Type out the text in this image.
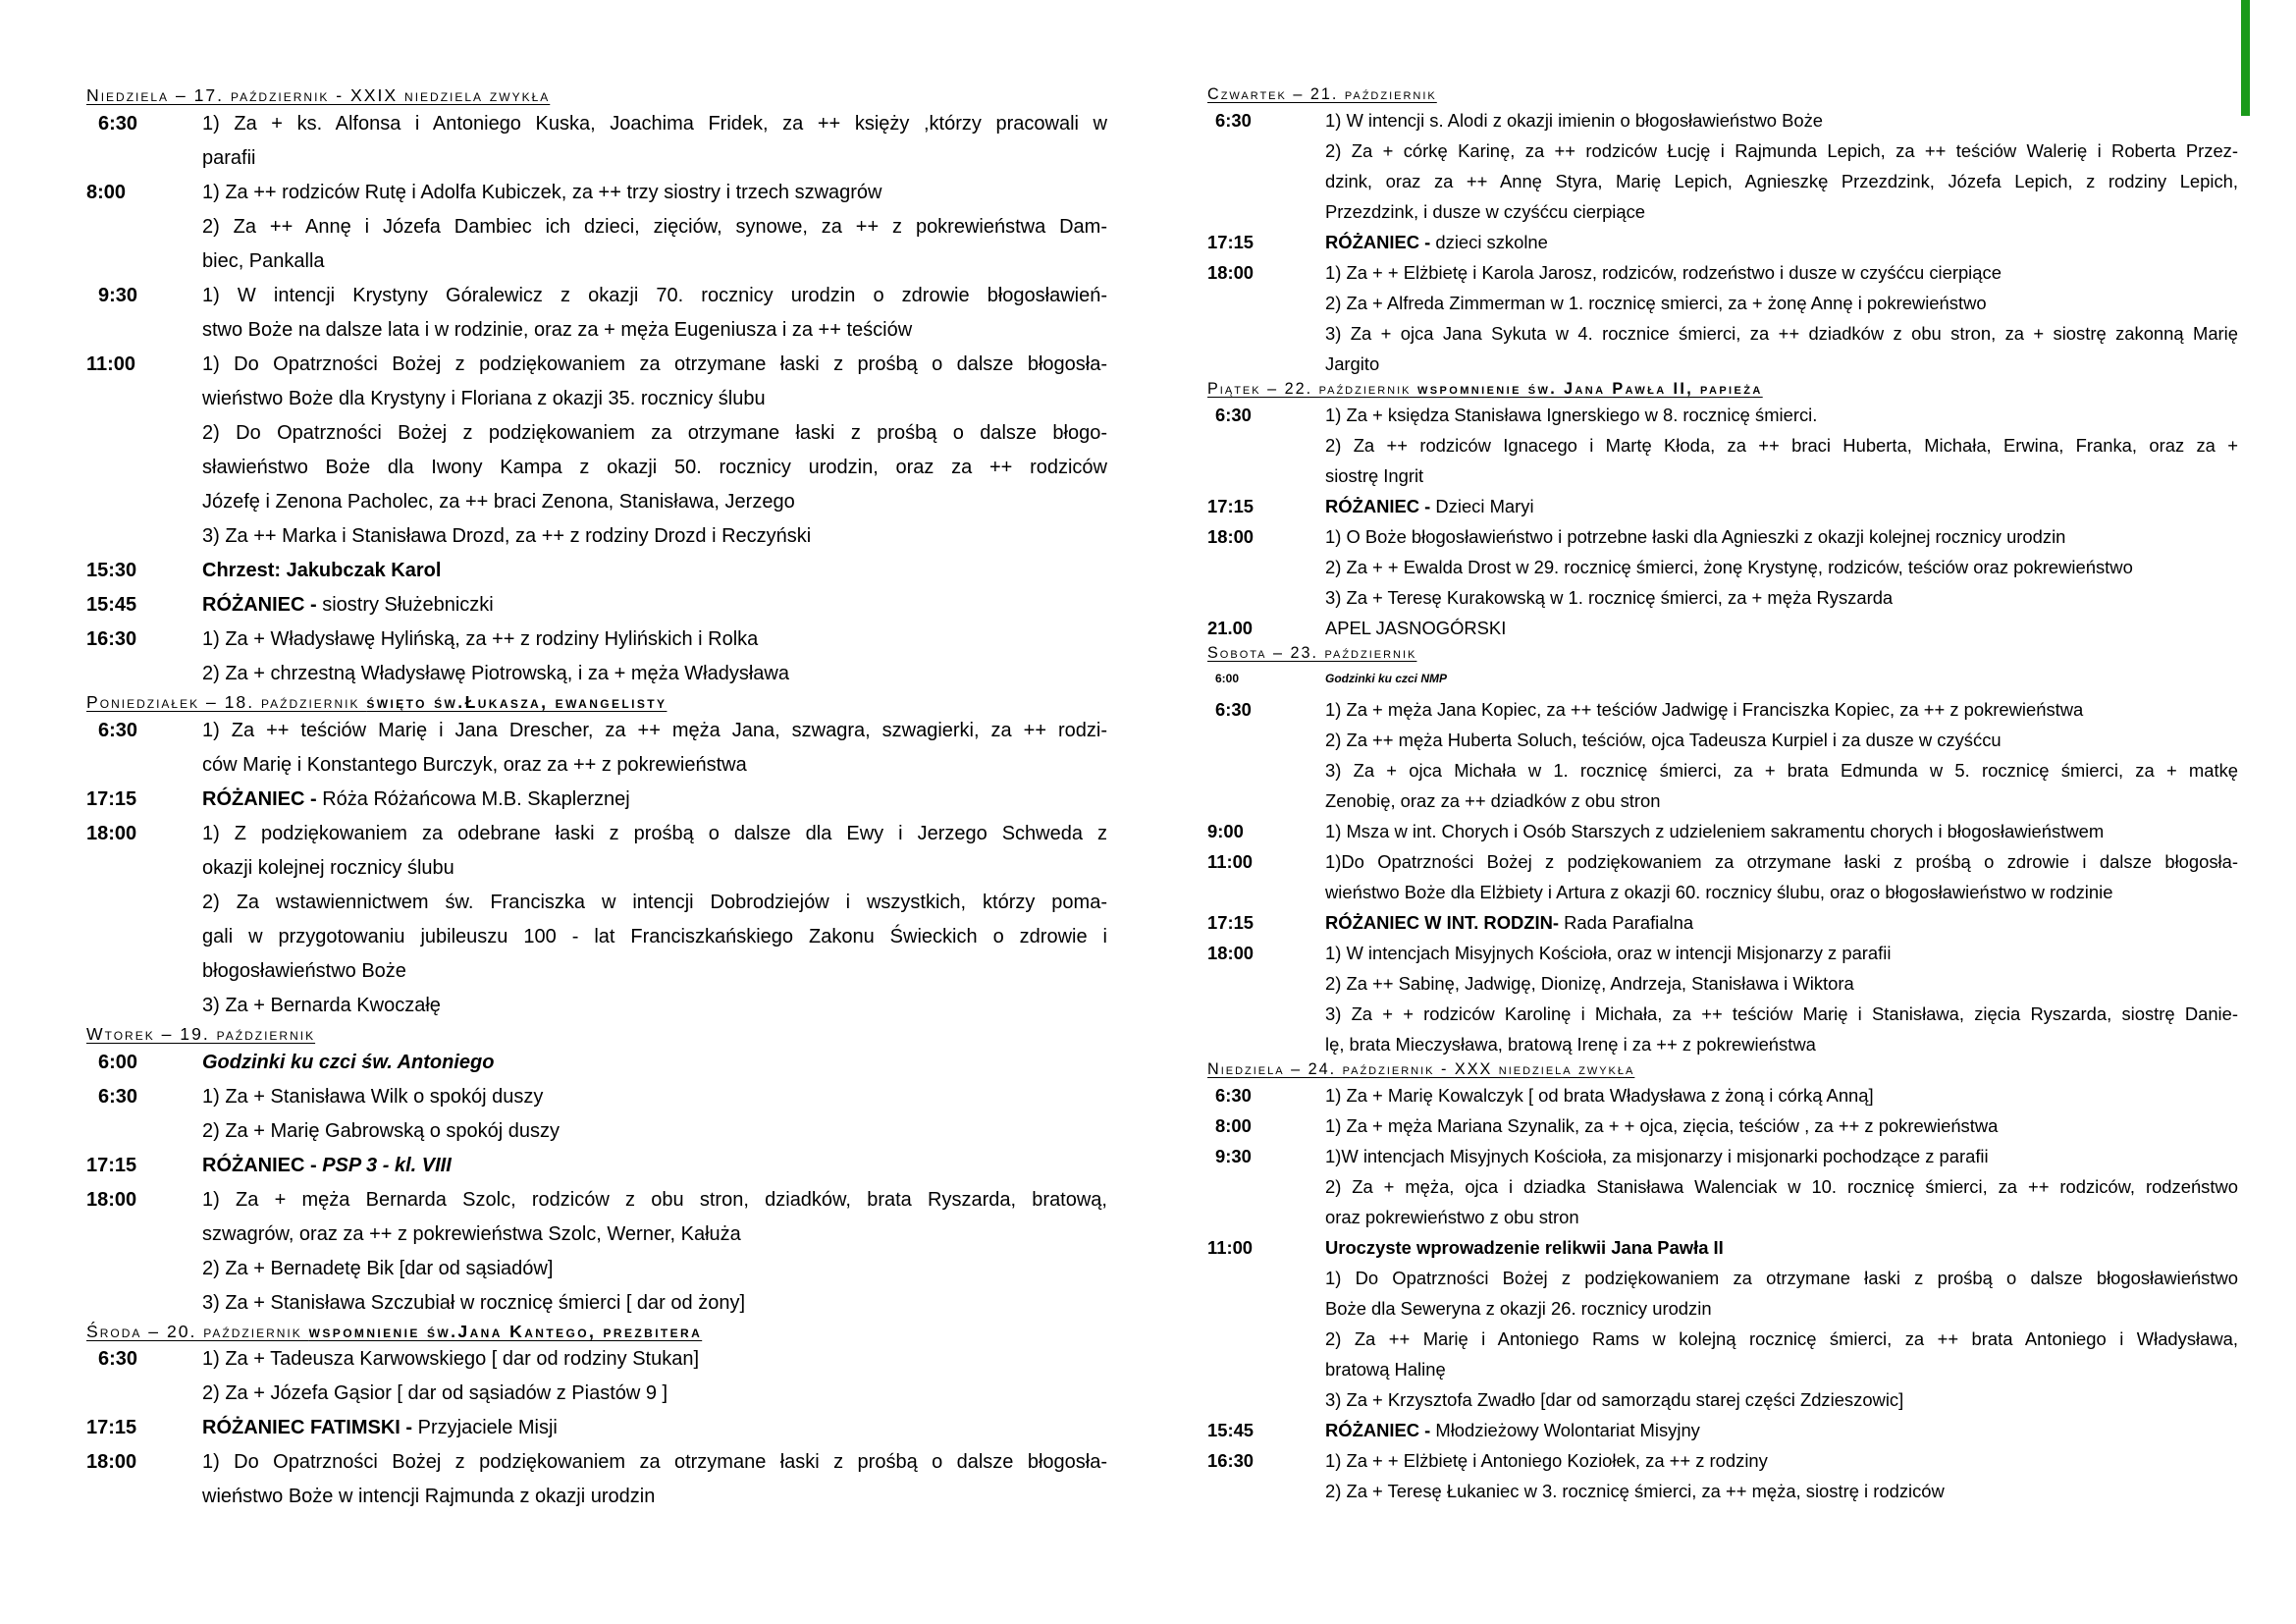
Niedziela – 17. październik - XXIX niedziela zwykła
6:30	1) Za + ks. Alfonsa i Antoniego Kuska, Joachima Fridek, za ++ księży ,którzy pracowali w
parafii
8:00	1) Za ++ rodziców Rutę i Adolfa Kubiczek, za ++ trzy siostry i trzech szwagrów
2) Za ++ Annę i Józefa Dambiec ich dzieci, zięciów, synowe, za ++ z pokrewieństwa Dam-
biec, Pankalla
9:30	1) W intencji Krystyny Góralewicz z okazji 70. rocznicy urodzin o zdrowie błogosławień-
stwo Boże na dalsze lata i w rodzinie, oraz za + męża Eugeniusza i za ++ teściów
11:00	1) Do Opatrzności Bożej z podziękowaniem za otrzymane łaski z prośbą o dalsze błogosła-
wieństwo Boże dla Krystyny i Floriana z okazji 35. rocznicy ślubu
2) Do Opatrzności Bożej z podziękowaniem za otrzymane łaski z prośbą o dalsze błogo-
sławieństwo Boże dla Iwony Kampa z okazji 50. rocznicy urodzin, oraz za ++ rodziców
Józefę i Zenona Pacholec, za ++ braci Zenona, Stanisława, Jerzego
3) Za ++ Marka i Stanisława Drozd, za ++ z rodziny Drozd i Reczyński
15:30	Chrzest: Jakubczak Karol
15:45	RÓŻANIEC - siostry Służebniczki
16:30	1) Za + Władysławę Hylińską, za ++ z rodziny Hylińskich i Rolka
2) Za + chrzestną Władysławę Piotrowską, i za + męża Władysława
Poniedziałek – 18. październik święto św.Łukasza, ewangelisty
6:30	1) Za ++ teściów Marię i Jana Drescher, za ++ męża Jana, szwagra, szwagierki, za ++ rodzi-
ców Marię i Konstantego Burczyk, oraz za ++ z pokrewieństwa
17:15	RÓŻANIEC - Róża Różańcowa M.B. Skaplerznej
18:00	1) Z podziękowaniem za odebrane łaski z prośbą o dalsze dla Ewy i Jerzego Schweda z
okazji kolejnej rocznicy ślubu
2) Za wstawiennictwem św. Franciszka w intencji Dobrodziejów i wszystkich, którzy poma-
gali w przygotowaniu jubileuszu 100 - lat Franciszkańskiego Zakonu Świeckich o zdrowie i
błogosławieństwo Boże
3) Za + Bernarda Kwoczałę
Wtorek – 19. październik
6:00	Godzinki ku czci św. Antoniego
6:30	1) Za + Stanisława Wilk o spokój duszy
2) Za + Marię Gabrowską o spokój duszy
17:15	RÓŻANIEC - PSP 3 - kl. VIII
18:00	1) Za + męża Bernarda Szolc, rodziców z obu stron, dziadków, brata Ryszarda, bratową,
szwagrów, oraz za ++ z pokrewieństwa Szolc, Werner, Kałuża
2) Za + Bernadetę Bik [dar od sąsiadów]
3) Za + Stanisława Szczubiał w rocznicę śmierci [ dar od żony]
Środa – 20. październik wspomnienie św.Jana Kantego, prezbitera
6:30	1) Za + Tadeusza Karwowskiego [ dar od rodziny Stukan]
2) Za + Józefa Gąsior [ dar od sąsiadów z Piastów 9 ]
17:15	RÓŻANIEC FATIMSKI - Przyjaciele Misji
18:00	1) Do Opatrzności Bożej z podziękowaniem za otrzymane łaski z prośbą o dalsze błogosła-
wieństwo Boże w intencji Rajmunda z okazji urodzin
Czwartek – 21. październik
6:30	1) W intencji s. Alodi z okazji imienin o błogosławieństwo Boże
2) Za + córkę Karinę, za ++ rodziców Łucję i Rajmunda Lepich, za ++ teściów Walerię i Roberta Przez-
dzink, oraz za ++ Annę Styra, Marię Lepich, Agnieszkę Przezdzink, Józefa Lepich, z rodziny Lepich,
Przezdzink, i dusze w czyśćcu cierpiące
17:15	RÓŻANIEC - dzieci szkolne
18:00	1) Za + + Elżbietę i Karola Jarosz, rodziców, rodzeństwo i dusze w czyśćcu cierpiące
2) Za + Alfreda Zimmerman w 1. rocznicę smierci, za + żonę Annę i pokrewieństwo
3) Za + ojca Jana Sykuta w 4. rocznice śmierci, za ++ dziadków z obu stron, za + siostrę zakonną Marię
Jargito
Piątek – 22. październik wspomnienie św. Jana Pawła II, papieża
6:30	1) Za + księdza Stanisława Ignerskiego w 8. rocznicę śmierci.
2) Za ++ rodziców Ignacego i Martę Kłoda, za ++ braci Huberta, Michała, Erwina, Franka, oraz za +
siostrę Ingrit
17:15	RÓŻANIEC - Dzieci Maryi
18:00	1) O Boże błogosławieństwo i potrzebne łaski dla Agnieszki z okazji kolejnej rocznicy urodzin
2) Za + + Ewalda Drost w 29. rocznicę śmierci, żonę Krystynę, rodziców, teściów oraz pokrewieństwo
3) Za + Teresę Kurakowską w 1. rocznicę śmierci, za + męża Ryszarda
21.00	APEL JASNOGÓRSKI
Sobota – 23. październik
6:00	Godzinki ku czci NMP
6:30	1) Za + męża Jana Kopiec, za ++ teściów Jadwigę i Franciszka Kopiec, za ++ z pokrewieństwa
2) Za ++ męża Huberta Soluch, teściów, ojca Tadeusza Kurpiel i za dusze w czyśćcu
3) Za + ojca Michała w 1. rocznicę śmierci, za + brata Edmunda w 5. rocznicę śmierci, za + matkę
Zenobię, oraz za ++ dziadków z obu stron
9:00	1) Msza w int. Chorych i Osób Starszych z udzieleniem sakramentu chorych i błogosławieństwem
11:00	1)Do Opatrzności Bożej z podziękowaniem za otrzymane łaski z prośbą o zdrowie i dalsze błogosła-
wieństwo Boże dla Elżbiety i Artura z okazji 60. rocznicy ślubu, oraz o błogosławieństwo w rodzinie
17:15	RÓŻANIEC W INT. RODZIN- Rada Parafialna
18:00	1) W intencjach Misyjnych Kościoła, oraz w intencji Misjonarzy z parafii
2) Za ++ Sabinę, Jadwigę, Dionizę, Andrzeja, Stanisława i Wiktora
3) Za + + rodziców Karolinę i Michała, za ++ teściów Marię i Stanisława, zięcia Ryszarda, siostrę Danie-
lę, brata Mieczysława, bratową Irenę i za ++ z pokrewieństwa
Niedziela – 24. październik - XXX niedziela zwykła
6:30	1) Za + Marię Kowalczyk [ od brata Władysława z żoną i córką Anną]
8:00	1) Za + męża Mariana Szynalik, za + + ojca, zięcia, teściów , za ++ z pokrewieństwa
9:30	1)W intencjach Misyjnych Kościoła, za misjonarzy i misjonarki pochodzące z parafii
2) Za + męża, ojca i dziadka Stanisława Walenciak w 10. rocznicę śmierci, za ++ rodziców, rodzeństwo
oraz pokrewieństwo z obu stron
11:00	Uroczyste wprowadzenie relikwii Jana Pawła II
1) Do Opatrzności Bożej z podziękowaniem za otrzymane łaski z prośbą o dalsze błogosławieństwo
Boże dla Seweryna z okazji 26. rocznicy urodzin
2) Za ++ Marię i Antoniego Rams w kolejną rocznicę śmierci, za ++ brata Antoniego i Władysława,
bratową Halinę
3) Za + Krzysztofa Zwadło [dar od samorządu starej części Zdzieszowic]
15:45	RÓŻANIEC - Młodzieżowy Wolontariat Misyjny
16:30	1) Za + + Elżbietę i Antoniego Koziołek, za ++ z rodziny
2) Za + Teresę Łukaniec w 3. rocznicę śmierci, za ++ męża, siostrę i rodziców
